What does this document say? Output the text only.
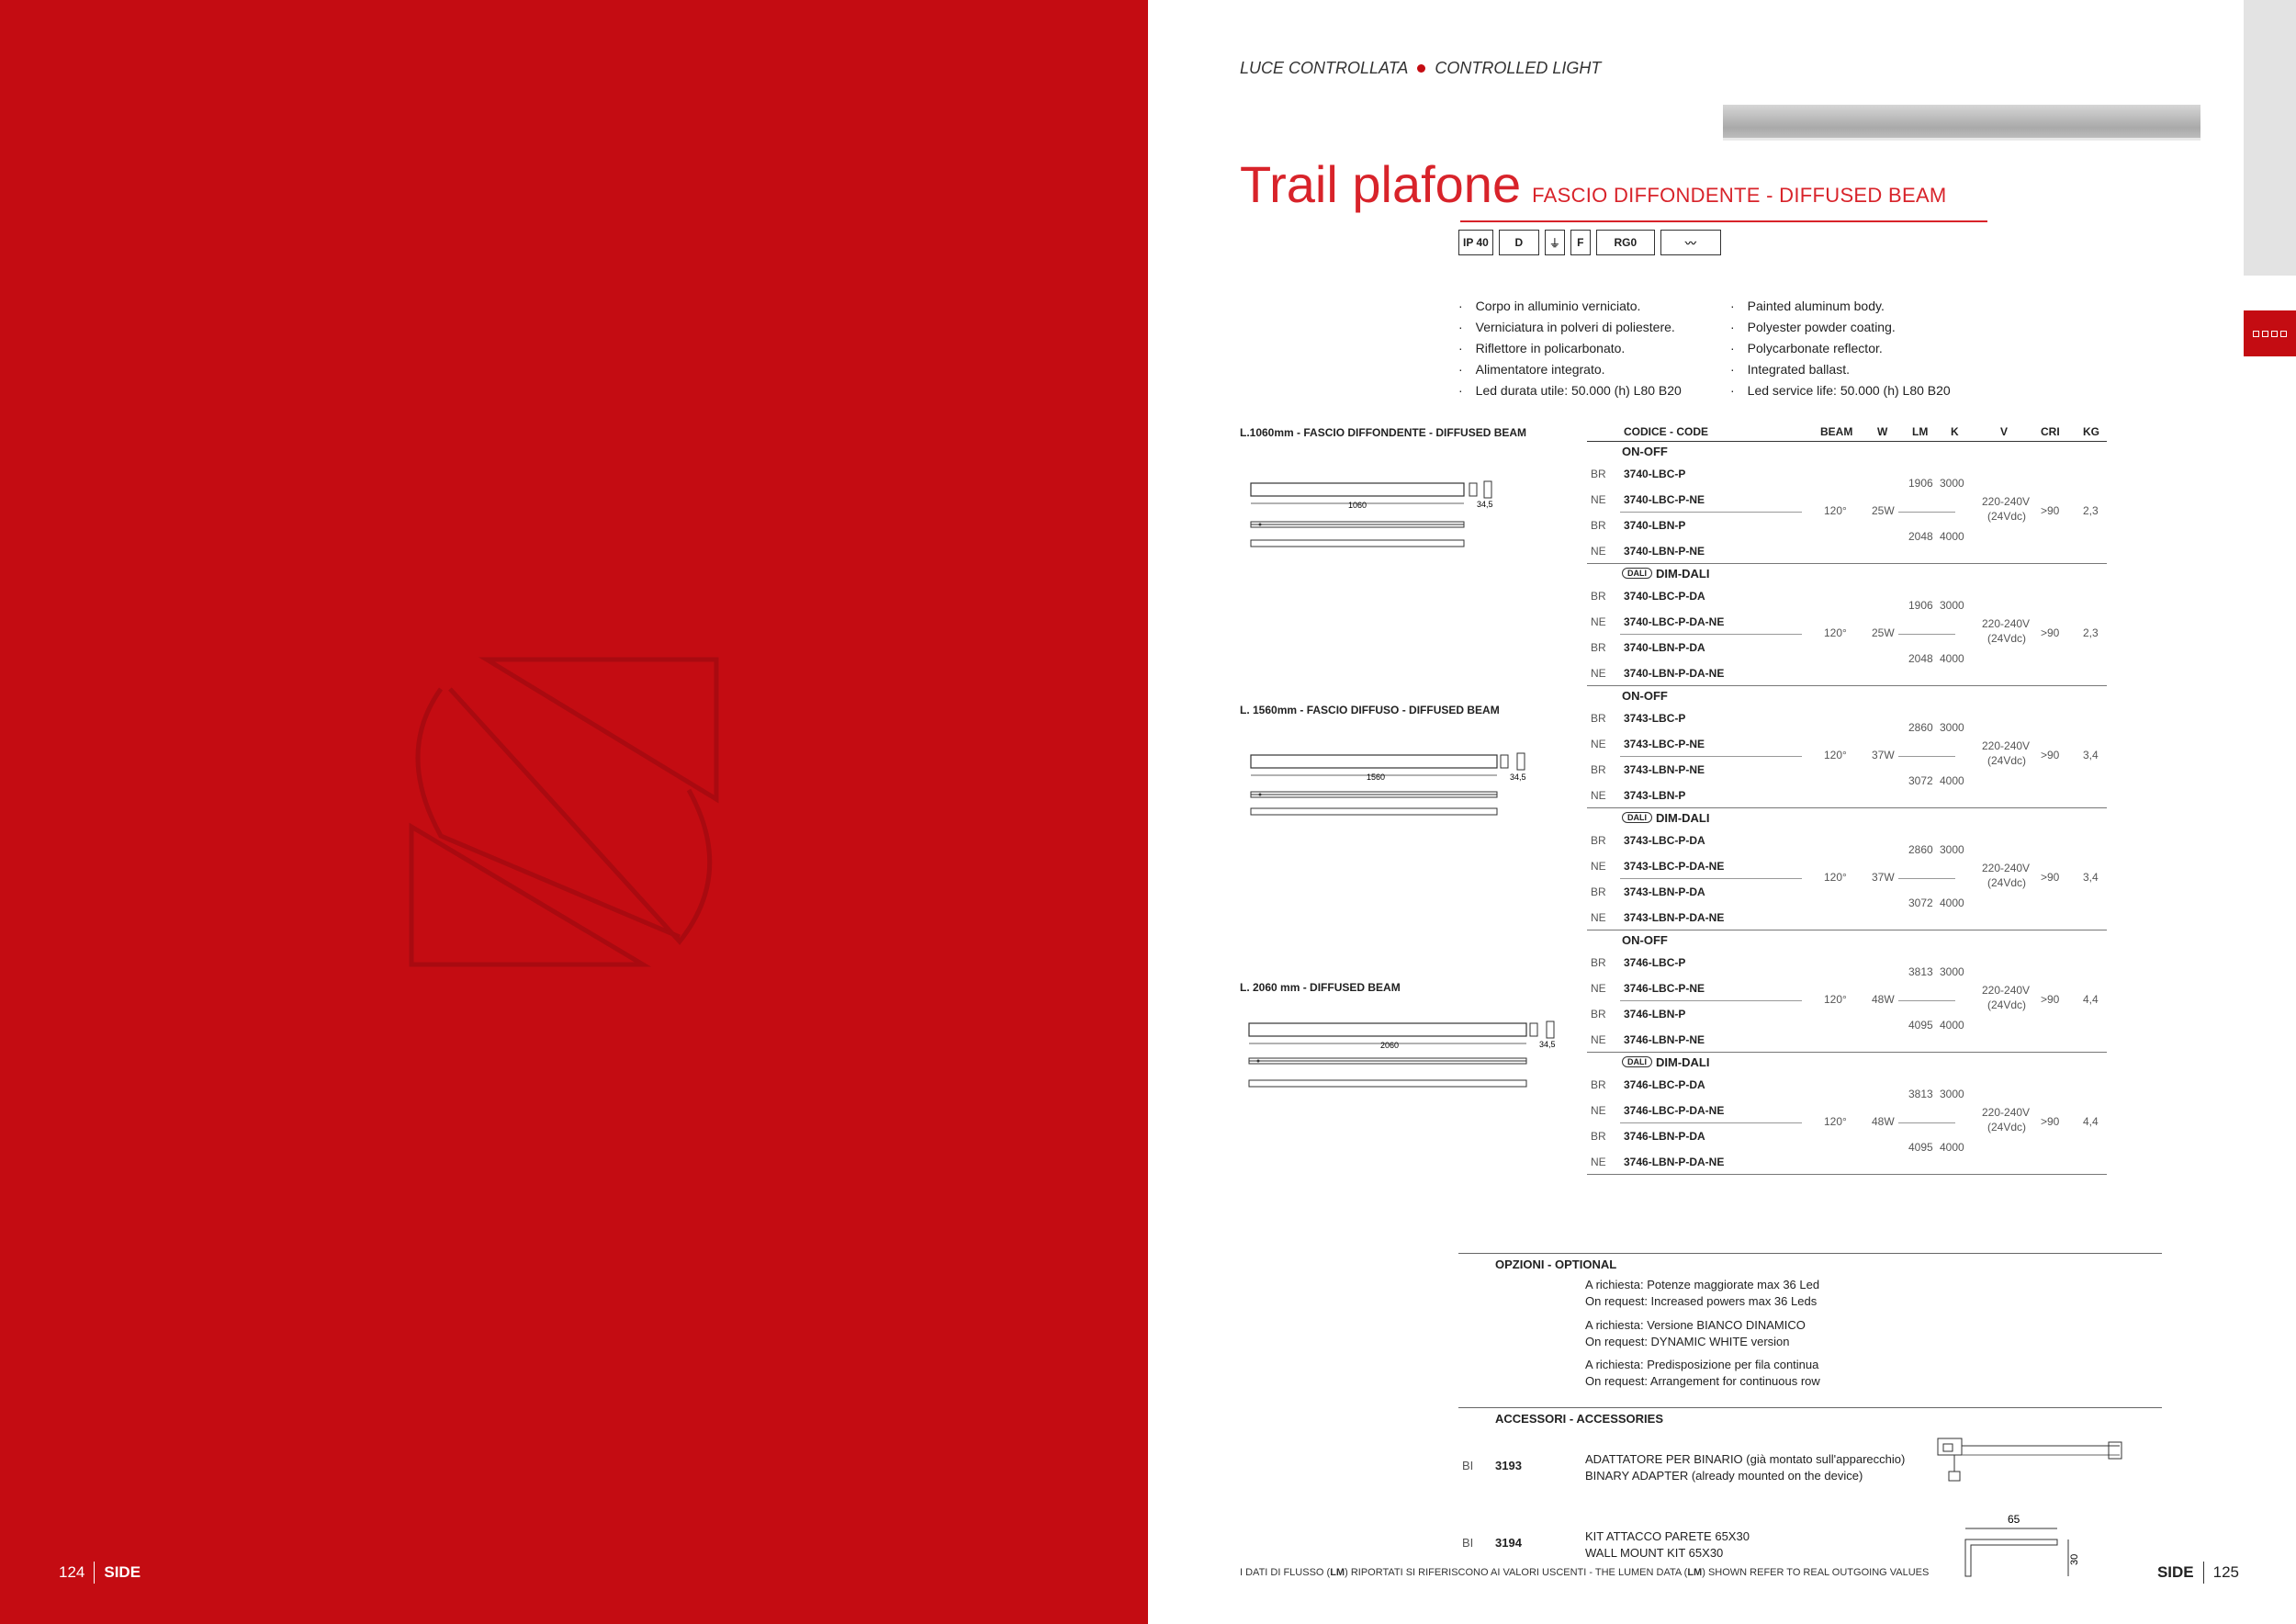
124 SIDE
LUCE CONTROLLATA CONTROLLED LIGHT
Trail plafone FASCIO DIFFONDENTE - DIFFUSED BEAM
IP 40	D	⏚	F	RG0	〰
· Corpo in alluminio verniciato.
· Verniciatura in polveri di poliestere.
· Riflettore in policarbonato.
· Alimentatore integrato.
· Led durata utile: 50.000 (h) L80 B20
· Painted aluminum body.
· Polyester powder coating.
· Polycarbonate reflector.
· Integrated ballast.
· Led service life: 50.000 (h) L80 B20
L.1060mm - FASCIO DIFFONDENTE - DIFFUSED BEAM
1060	34,5
L. 1560mm - FASCIO DIFFUSO - DIFFUSED BEAM
1560	34,5
L. 2060 mm - DIFFUSED BEAM
2060	34,5
CODICE - CODE	BEAM W LM K	V	CRI KG
ON-OFF
BR 3740-LBC-P
NE 3740-LBC-P-NE
BR 3740-LBN-P
NE 3740-LBN-P-NE
120° 25W
1906 3000
2048 4000
220-240V
(24Vdc) >90 2,3
DALI DIM-DALI
BR 3740-LBC-P-DA
NE 3740-LBC-P-DA-NE
BR 3740-LBN-P-DA
NE 3740-LBN-P-DA-NE
120° 25W
1906 3000
2048 4000
220-240V
(24Vdc) >90 2,3
ON-OFF
BR 3743-LBC-P
NE 3743-LBC-P-NE
BR 3743-LBN-P-NE
NE 3743-LBN-P
120° 37W
2860 3000
3072 4000
220-240V
(24Vdc) >90 3,4
DALI DIM-DALI
BR 3743-LBC-P-DA
NE 3743-LBC-P-DA-NE
BR 3743-LBN-P-DA
NE 3743-LBN-P-DA-NE
120° 37W
2860 3000
3072 4000
220-240V
(24Vdc) >90 3,4
ON-OFF
BR 3746-LBC-P
NE 3746-LBC-P-NE
BR 3746-LBN-P
NE 3746-LBN-P-NE
120° 48W
3813 3000
4095 4000
220-240V
(24Vdc) >90 4,4
DALI DIM-DALI
BR 3746-LBC-P-DA
NE 3746-LBC-P-DA-NE
BR 3746-LBN-P-DA
NE 3746-LBN-P-DA-NE
120° 48W
3813 3000
4095 4000
220-240V
(24Vdc) >90 4,4
OPZIONI - OPTIONAL
A richiesta: Potenze maggiorate max 36 Led
On request: Increased powers max 36 Leds
A richiesta: Versione BIANCO DINAMICO
On request: DYNAMIC WHITE version
A richiesta: Predisposizione per fila continua
On request: Arrangement for continuous row
ACCESSORI - ACCESSORIES
BI 3193	ADATTATORE PER BINARIO (già montato sull'apparecchio)
BINARY ADAPTER (already mounted on the device)
BI 3194	KIT ATTACCO PARETE 65X30
WALL MOUNT KIT 65X30
65
30
I DATI DI FLUSSO (LM) RIPORTATI SI RIFERISCONO AI VALORI USCENTI - THE LUMEN DATA (LM) SHOWN REFER TO REAL OUTGOING VALUES	SIDE 125
